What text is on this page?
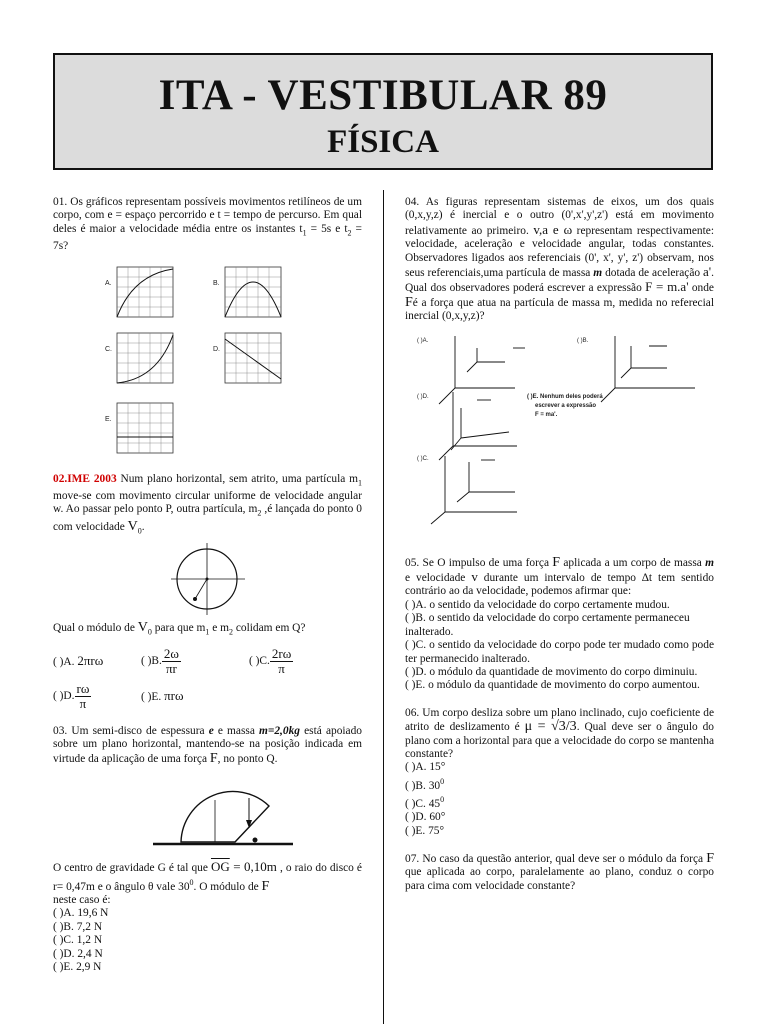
ITA - VESTIBULAR 89
FÍSICA

01. Os gráficos representam possíveis movimentos retilíneos de um corpo, com e = espaço percorrido e t = tempo de percurso. Em qual deles é maior a velocidade média entre os instantes $t_1 = 5s$ e $t_2 = 7s$?

A.	B.
C.	D.
E.

02.IME 2003 Num plano horizontal, sem atrito, uma partícula $m_1$ move-se com movimento circular uniforme de velocidade angular w. Ao passar pelo ponto P, outra partícula, $m_2$ ,é lançada do ponto 0 com velocidade $V_0$.

Qual o módulo de $V_0$ para que $m_1$ e $m_2$ colidam em Q?

( )A. 2πrω	( )B. $\frac{2\omega}{\pi r}$	( )C. $\frac{2r\omega}{\pi}$
( )D. $\frac{r\omega}{\pi}$	( )E. πrω

03. Um semi-disco de espessura e e massa m=2,0kg está apoiado sobre um plano horizontal, mantendo-se na posição indicada em virtude da aplicação de uma força F, no ponto Q.

O centro de gravidade G é tal que $\overline{OG} = 0,10m$ , o raio do disco é r= 0,47m e o ângulo θ vale $30^0$. O módulo de F

neste caso é:

( )A. 19,6 N
( )B. 7,2 N
( )C. 1,2 N
( )D. 2,4 N
( )E. 2,9 N

04. As figuras representam sistemas de eixos, um dos quais (0,x,y,z) é inercial e o outro (0',x',y',z') está em movimento relativamente ao primeiro. v,a e ω representam respectivamente: velocidade, aceleração e velocidade angular, todas constantes. Observadores ligados aos referenciais (0', x', y', z') observam, nos seus referenciais,uma partícula de massa m dotada de aceleração a'. Qual dos observadores poderá escrever a expressão F = m.a' onde Fé a força que atua na partícula de massa m, medida no referecial inercial (0,x,y,z)?

( )A.	( )B.
( )D.	( )E. Nenhum deles poderá
escrever a expressão
F = ma'.
( )C.

05. Se O impulso de uma força F aplicada a um corpo de massa m e velocidade v durante um intervalo de tempo ∆t tem sentido contrário ao da velocidade, podemos afirmar que:

( )A. o sentido da velocidade do corpo certamente mudou.

( )B. o sentido da velocidade do corpo certamente permaneceu inalterado.

( )C. o sentido da velocidade do corpo pode ter mudado como pode ter permanecido inalterado.

( )D. o módulo da quantidade de movimento do corpo diminuiu.

( )E. o módulo da quantidade de movimento do corpo aumentou.

06. Um corpo desliza sobre um plano inclinado, cujo coeficiente de atrito de deslizamento é μ = √3/3. Qual deve ser o ângulo do plano com a horizontal para que a velocidade do corpo se mantenha constante?

( )A. 15°
( )B. $30^0$
( )C. $45^0$
( )D. 60°
( )E. 75°

07. No caso da questão anterior, qual deve ser o módulo da força F que aplicada ao corpo, paralelamente ao plano, conduz o corpo para cima com velocidade constante?
